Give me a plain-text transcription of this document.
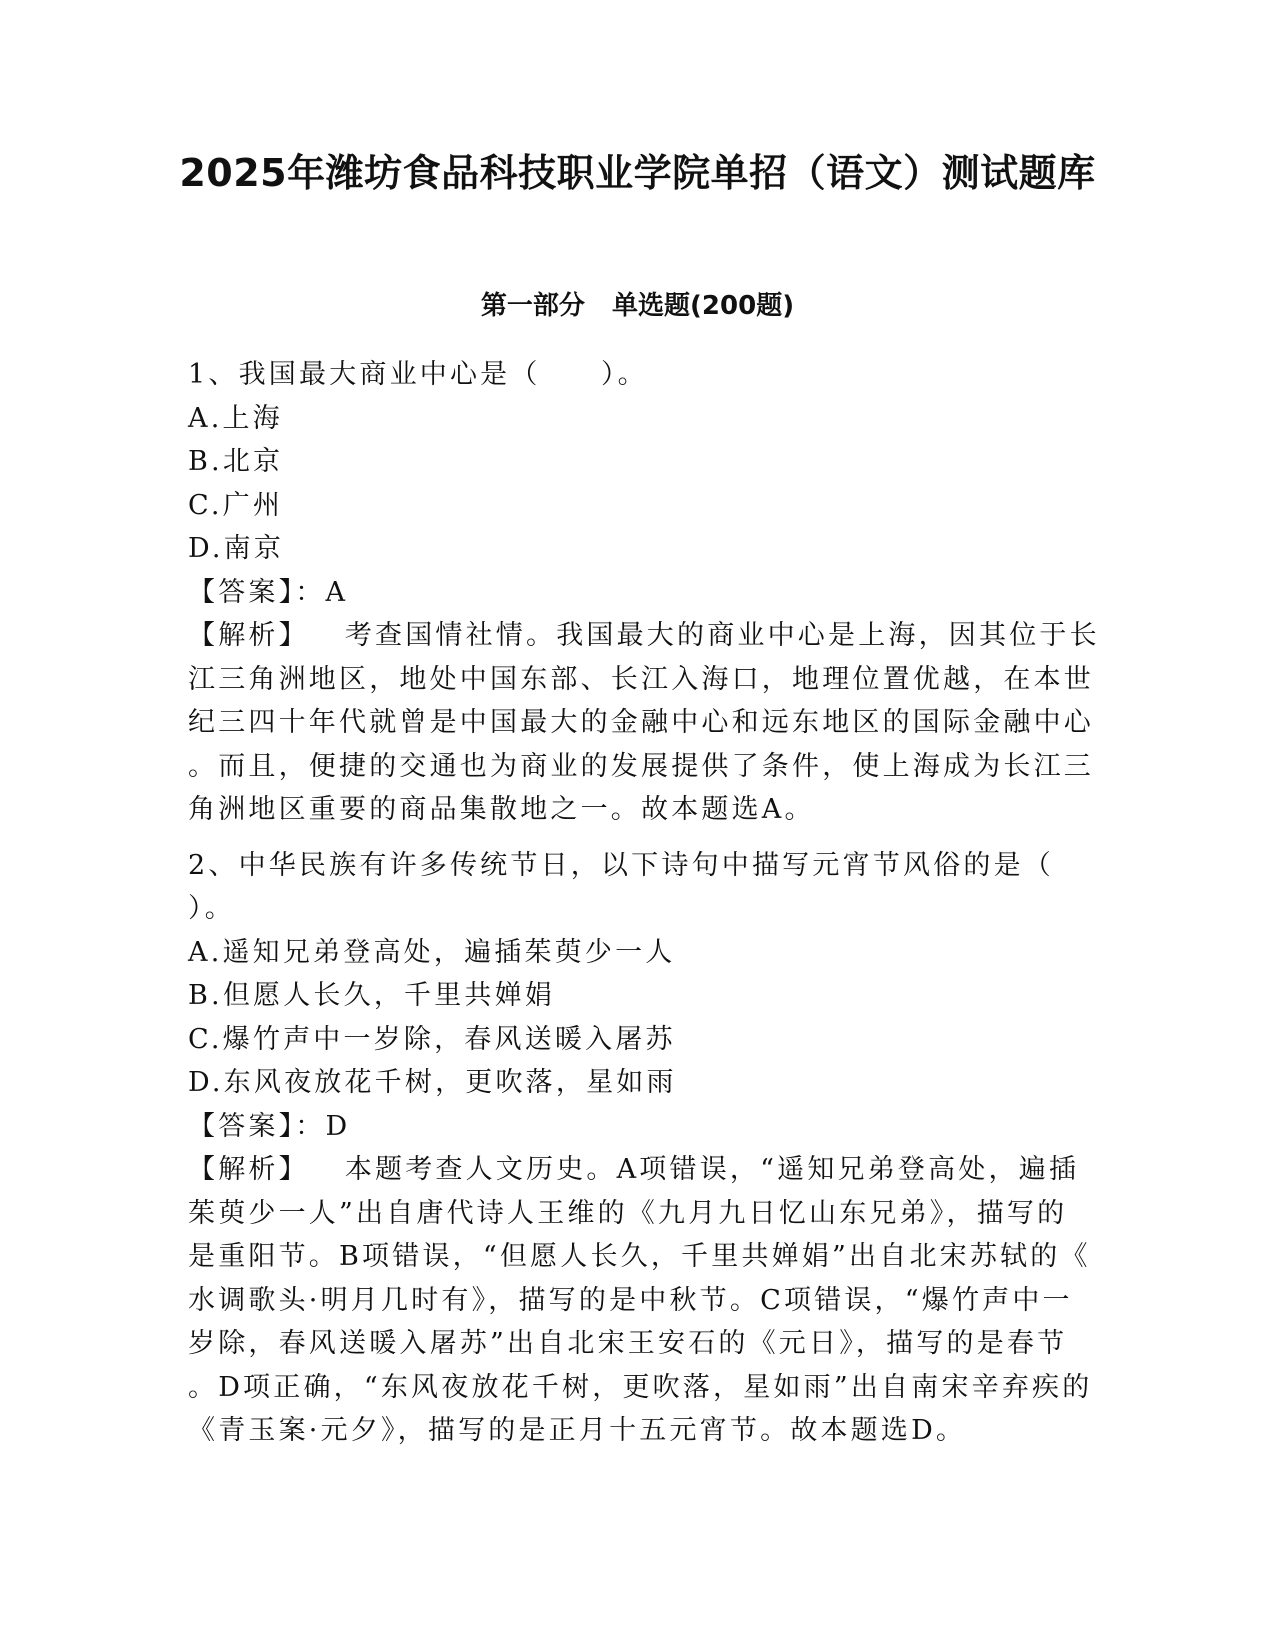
2025年潍坊食品科技职业学院单招（语文）测试题库
第一部分   单选题(200题)
1、我国最大商业中心是（　　）。
A.上海
B.北京
C.广州
D.南京
【答案】：A
【解析】 考查国情社情。我国最大的商业中心是上海，因其位于长
江三角洲地区，地处中国东部、长江入海口，地理位置优越，在本世
纪三四十年代就曾是中国最大的金融中心和远东地区的国际金融中心
。而且，便捷的交通也为商业的发展提供了条件，使上海成为长江三
角洲地区重要的商品集散地之一。故本题选A。
2、中华民族有许多传统节日，以下诗句中描写元宵节风俗的是（
）。
A.遥知兄弟登高处，遍插茱萸少一人
B.但愿人长久，千里共婵娟
C.爆竹声中一岁除，春风送暖入屠苏
D.东风夜放花千树，更吹落，星如雨
【答案】：D
【解析】 本题考查人文历史。A项错误，“遥知兄弟登高处，遍插
茱萸少一人”出自唐代诗人王维的《九月九日忆山东兄弟》，描写的
是重阳节。B项错误，“但愿人长久，千里共婵娟”出自北宋苏轼的《
水调歌头·明月几时有》，描写的是中秋节。C项错误，“爆竹声中一
岁除，春风送暖入屠苏”出自北宋王安石的《元日》，描写的是春节
。D项正确，“东风夜放花千树，更吹落，星如雨”出自南宋辛弃疾的
《青玉案·元夕》，描写的是正月十五元宵节。故本题选D。
